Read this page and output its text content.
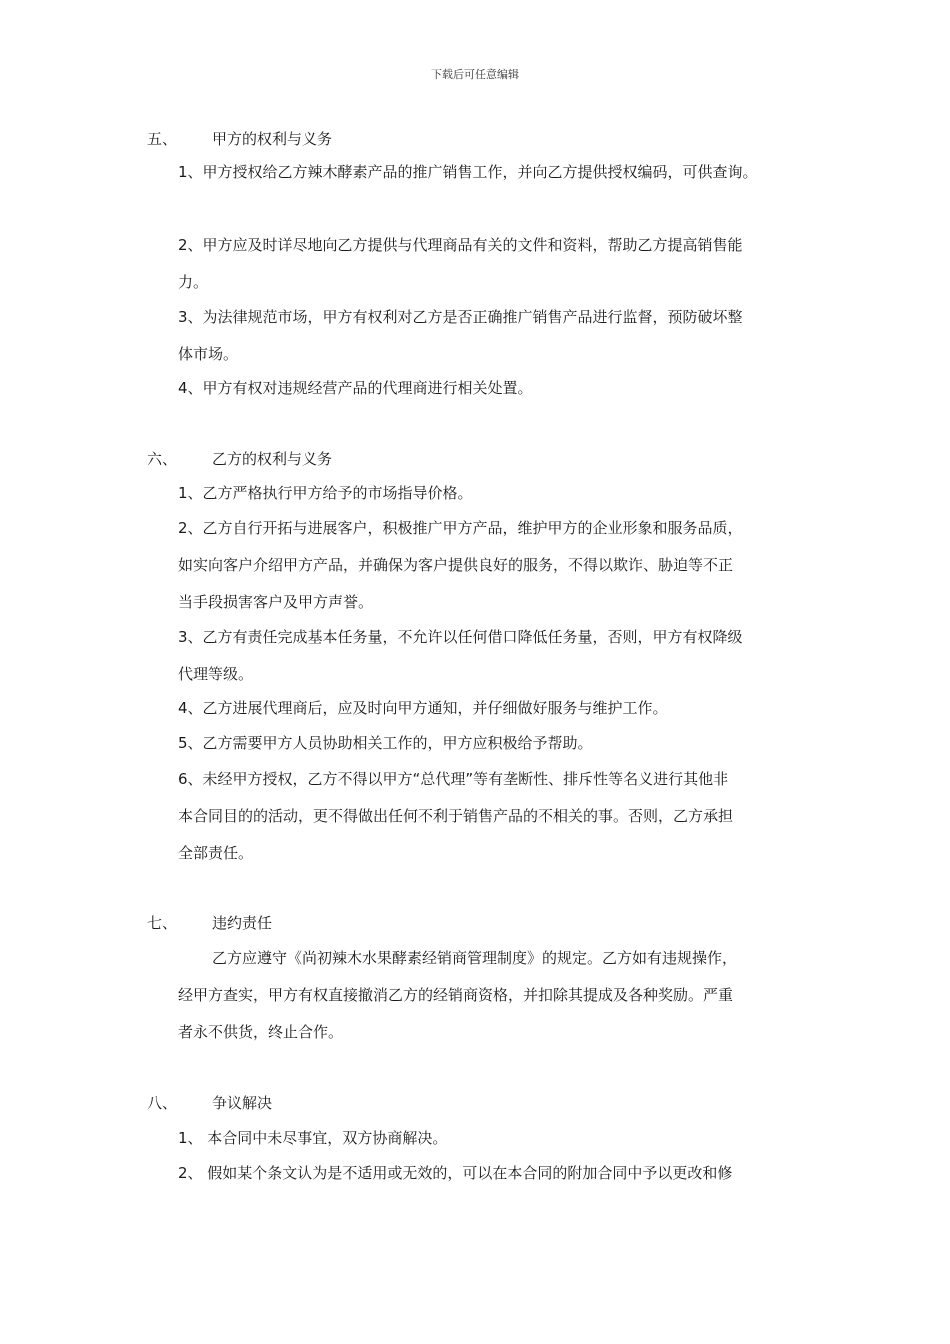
下载后可任意编辑
五、 甲方的权利与义务
1、甲方授权给乙方辣木酵素产品的推广销售工作，并向乙方提供授权编码，可供查询。
2、甲方应及时详尽地向乙方提供与代理商品有关的文件和资料，帮助乙方提高销售能
力。
3、为法律规范市场，甲方有权利对乙方是否正确推广销售产品进行监督，预防破坏整
体市场。
4、甲方有权对违规经营产品的代理商进行相关处置。
六、 乙方的权利与义务
1、乙方严格执行甲方给予的市场指导价格。
2、乙方自行开拓与进展客户，积极推广甲方产品，维护甲方的企业形象和服务品质，
如实向客户介绍甲方产品，并确保为客户提供良好的服务，不得以欺诈、胁迫等不正
当手段损害客户及甲方声誉。
3、乙方有责任完成基本任务量，不允许以任何借口降低任务量，否则，甲方有权降级
代理等级。
4、乙方进展代理商后，应及时向甲方通知，并仔细做好服务与维护工作。
5、乙方需要甲方人员协助相关工作的，甲方应积极给予帮助。
6、未经甲方授权，乙方不得以甲方“总代理”等有垄断性、排斥性等名义进行其他非
本合同目的的活动，更不得做出任何不利于销售产品的不相关的事。否则，乙方承担
全部责任。
七、 违约责任
乙方应遵守《尚初辣木水果酵素经销商管理制度》的规定。乙方如有违规操作，
经甲方查实，甲方有权直接撤消乙方的经销商资格，并扣除其提成及各种奖励。严重
者永不供货，终止合作。
八、 争议解决
1、 本合同中未尽事宜，双方协商解决。
2、 假如某个条文认为是不适用或无效的，可以在本合同的附加合同中予以更改和修
